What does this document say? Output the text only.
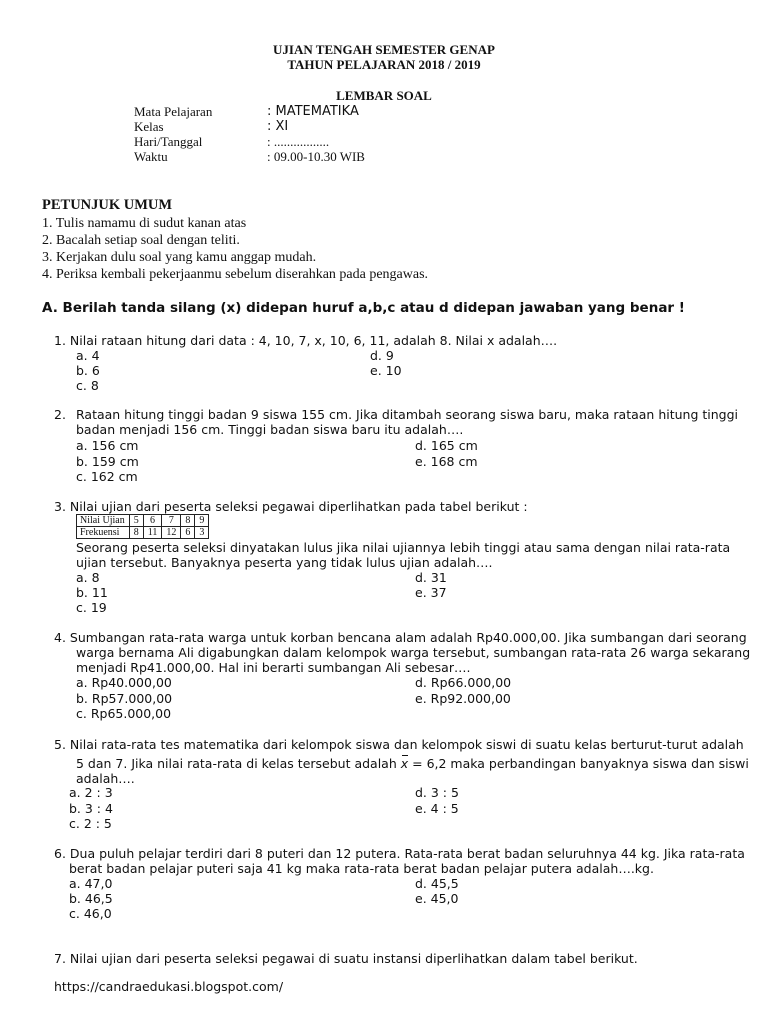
UJIAN TENGAH SEMESTER GENAP
TAHUN PELAJARAN 2018 / 2019
LEMBAR SOAL
Mata Pelajaran	: MATEMATIKA
Kelas	: XI
Hari/Tanggal	: .................
Waktu	: 09.00-10.30 WIB
PETUNJUK UMUM
1. Tulis namamu di sudut kanan atas
2. Bacalah setiap soal dengan teliti.
3. Kerjakan dulu soal yang kamu anggap mudah.
4. Periksa kembali pekerjaanmu sebelum diserahkan pada pengawas.
A. Berilah tanda silang (x) didepan huruf a,b,c atau d didepan jawaban yang benar !
1. Nilai rataan hitung dari data : 4, 10, 7, x, 10, 6, 11, adalah 8. Nilai x adalah….
a. 4	d. 9
b. 6	e. 10
c. 8
2. Rataan hitung tinggi badan 9 siswa 155 cm. Jika ditambah seorang siswa baru, maka rataan hitung tinggi
badan menjadi 156 cm. Tinggi badan siswa baru itu adalah….
a. 156 cm	d. 165 cm
b. 159 cm	e. 168 cm
c. 162 cm
3. Nilai ujian dari peserta seleksi pegawai diperlihatkan pada tabel berikut :
Nilai Ujian	5	6	7	8	9
Frekuensi	8	11	12	6	3
Seorang peserta seleksi dinyatakan lulus jika nilai ujiannya lebih tinggi atau sama dengan nilai rata-rata
ujian tersebut. Banyaknya peserta yang tidak lulus ujian adalah….
a. 8	d. 31
b. 11	e. 37
c. 19
4. Sumbangan rata-rata warga untuk korban bencana alam adalah Rp40.000,00. Jika sumbangan dari seorang
warga bernama Ali digabungkan dalam kelompok warga tersebut, sumbangan rata-rata 26 warga sekarang
menjadi Rp41.000,00. Hal ini berarti sumbangan Ali sebesar….
a. Rp40.000,00	d. Rp66.000,00
b. Rp57.000,00	e. Rp92.000,00
c. Rp65.000,00
5. Nilai rata-rata tes matematika dari kelompok siswa dan kelompok siswi di suatu kelas berturut-turut adalah
5 dan 7. Jika nilai rata-rata di kelas tersebut adalah x = 6,2 maka perbandingan banyaknya siswa dan siswi
adalah….
a. 2 : 3	d. 3 : 5
b. 3 : 4	e. 4 : 5
c. 2 : 5
6. Dua puluh pelajar terdiri dari 8 puteri dan 12 putera. Rata-rata berat badan seluruhnya 44 kg. Jika rata-rata
berat badan pelajar puteri saja 41 kg maka rata-rata berat badan pelajar putera adalah….kg.
a. 47,0	d. 45,5
b. 46,5	e. 45,0
c. 46,0
7. Nilai ujian dari peserta seleksi pegawai di suatu instansi diperlihatkan dalam tabel berikut.
https://candraedukasi.blogspot.com/
